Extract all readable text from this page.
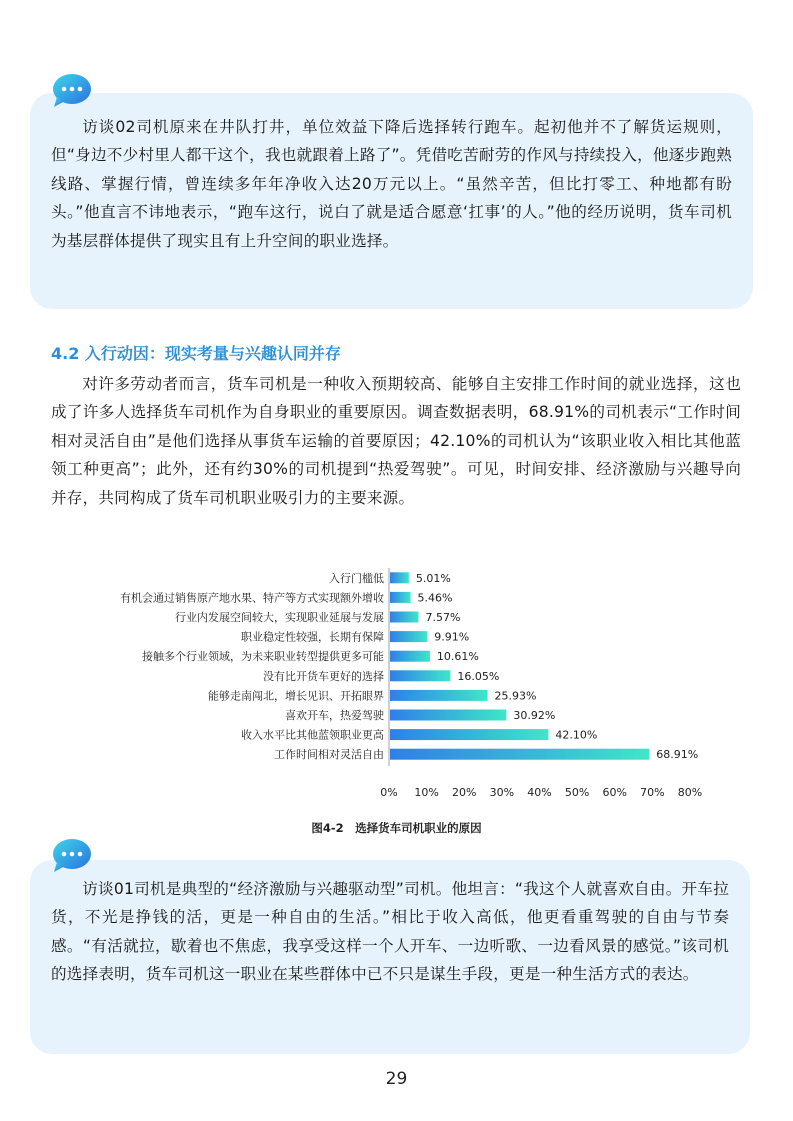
访谈02司机原来在井队打井，单位效益下降后选择转行跑车。起初他并不了解货运规则，但“身边不少村里人都干这个，我也就跟着上路了”。凭借吃苦耐劳的作风与持续投入，他逐步跑熟线路、掌握行情，曾连续多年年净收入达20万元以上。“虽然辛苦，但比打零工、种地都有盼头。”他直言不讳地表示，“跑车这行，说白了就是适合愿意‘扛事’的人。”他的经历说明，货车司机为基层群体提供了现实且有上升空间的职业选择。

4.2 入行动因：现实考量与兴趣认同并存

对许多劳动者而言，货车司机是一种收入预期较高、能够自主安排工作时间的就业选择，这也成了许多人选择货车司机作为自身职业的重要原因。调查数据表明，68.91%的司机表示“工作时间相对灵活自由”是他们选择从事货车运输的首要原因；42.10%的司机认为“该职业收入相比其他蓝领工种更高”；此外，还有约30%的司机提到“热爱驾驶”。可见，时间安排、经济激励与兴趣导向并存，共同构成了货车司机职业吸引力的主要来源。

入行门槛低	5.01%
有机会通过销售原产地水果、特产等方式实现额外增收	5.46%
行业内发展空间较大，实现职业延展与发展	7.57%
职业稳定性较强，长期有保障	9.91%
接触多个行业领域，为未来职业转型提供更多可能	10.61%
没有比开货车更好的选择	16.05%
能够走南闯北，增长见识、开拓眼界	25.93%
喜欢开车，热爱驾驶	30.92%
收入水平比其他蓝领职业更高	42.10%
工作时间相对灵活自由	68.91%
0% 10% 20% 30% 40% 50% 60% 70% 80%
图4-2　选择货车司机职业的原因

访谈01司机是典型的“经济激励与兴趣驱动型”司机。他坦言：“我这个人就喜欢自由。开车拉货，不光是挣钱的活，更是一种自由的生活。”相比于收入高低，他更看重驾驶的自由与节奏感。“有活就拉，歇着也不焦虑，我享受这样一个人开车、一边听歌、一边看风景的感觉。”该司机的选择表明，货车司机这一职业在某些群体中已不只是谋生手段，更是一种生活方式的表达。

29
